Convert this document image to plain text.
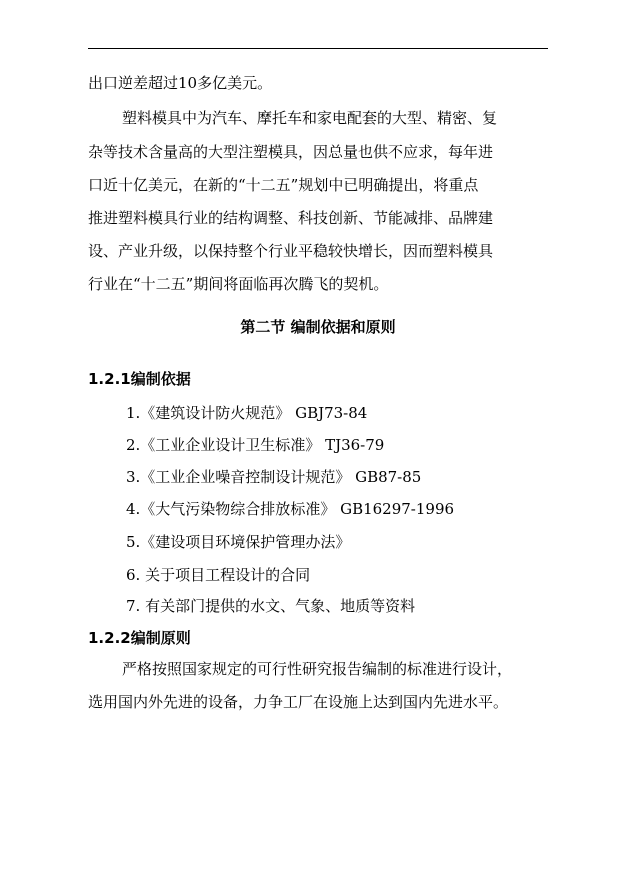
出口逆差超过10多亿美元。
塑料模具中为汽车、摩托车和家电配套的大型、精密、复
杂等技术含量高的大型注塑模具，因总量也供不应求，每年进
口近十亿美元，在新的“十二五”规划中已明确提出，将重点
推进塑料模具行业的结构调整、科技创新、节能减排、品牌建
设、产业升级，以保持整个行业平稳较快增长，因而塑料模具
行业在“十二五”期间将面临再次腾飞的契机。
第二节 编制依据和原则
1.2.1编制依据
1.《建筑设计防火规范》 GBJ73-84
2.《工业企业设计卫生标准》 TJ36-79
3.《工业企业噪音控制设计规范》 GB87-85
4.《大气污染物综合排放标准》 GB16297-1996
5.《建设项目环境保护管理办法》
6. 关于项目工程设计的合同
7. 有关部门提供的水文、气象、地质等资料
1.2.2编制原则
严格按照国家规定的可行性研究报告编制的标准进行设计，
选用国内外先进的设备，力争工厂在设施上达到国内先进水平。
